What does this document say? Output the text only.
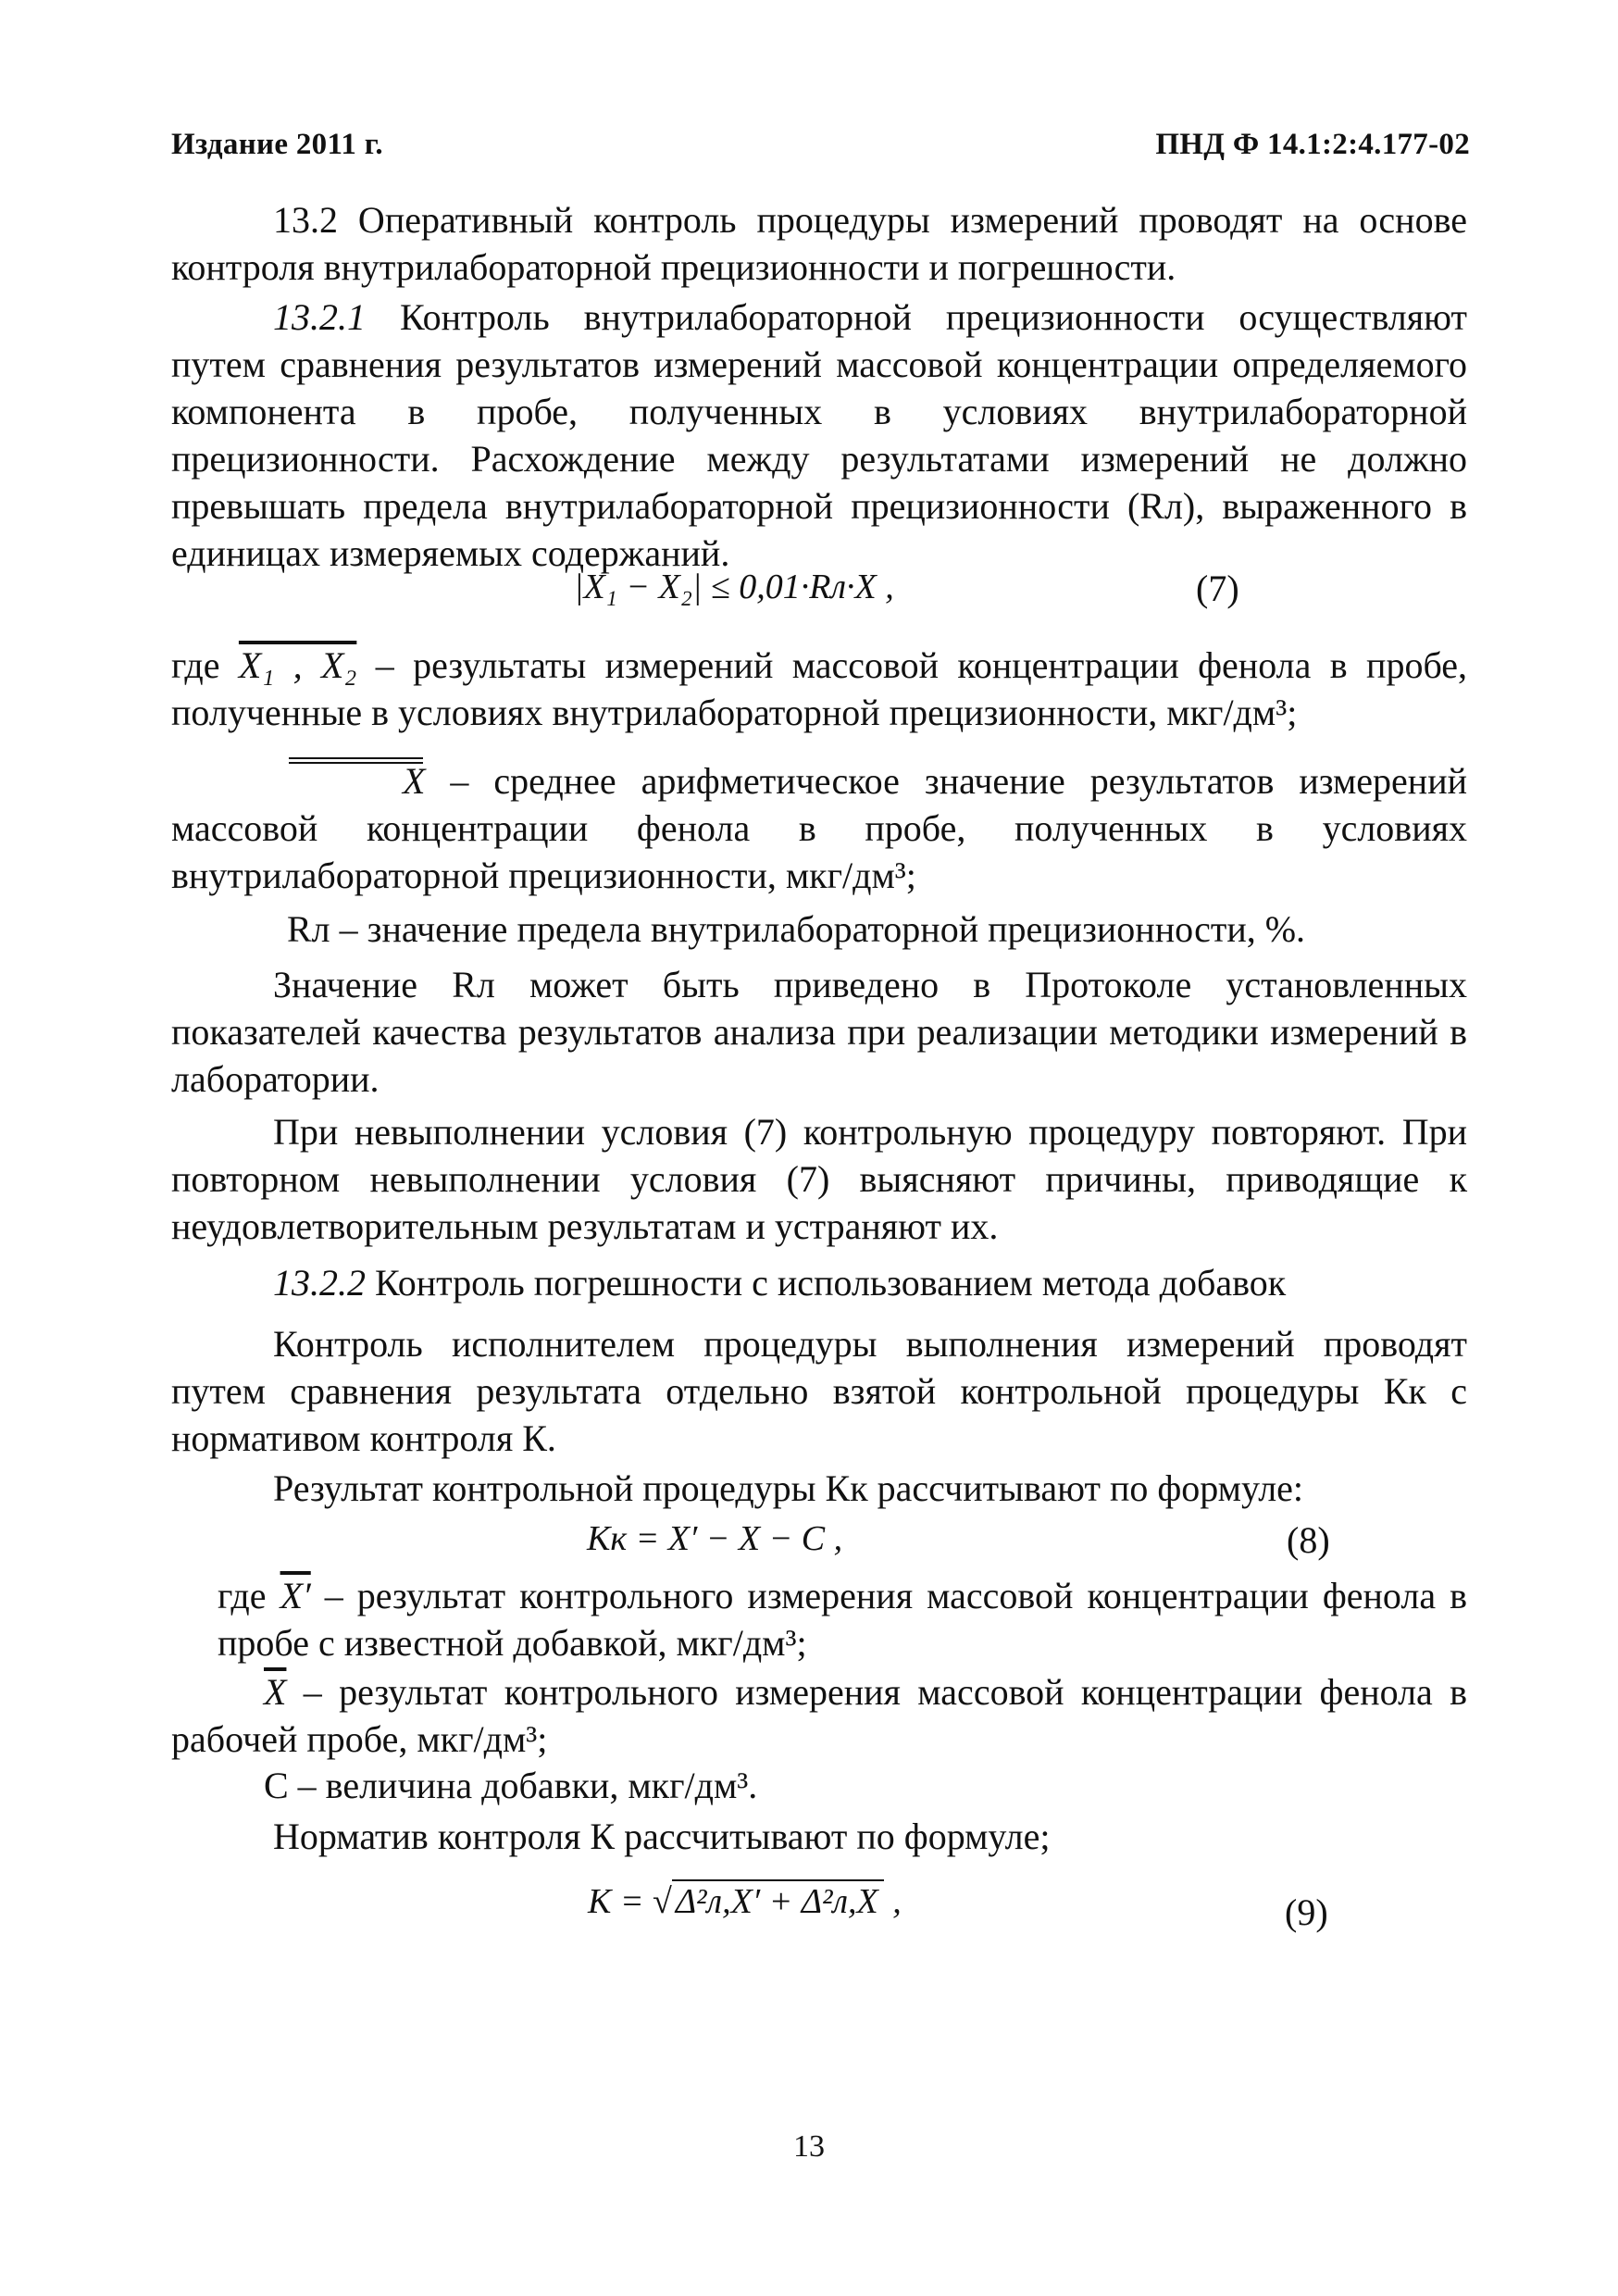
Издание 2011 г.	ПНД Ф 14.1:2:4.177-02

13.2 Оперативный контроль процедуры измерений проводят на основе контроля внутрилабораторной прецизионности и погрешности.

13.2.1 Контроль внутрилабораторной прецизионности осуществляют путем сравнения результатов измерений массовой концентрации определяемого компонента в пробе, полученных в условиях внутрилабораторной прецизионности. Расхождение между результатами измерений не должно превышать предела внутрилабораторной прецизионности (Rл), выраженного в единицах измеряемых содержаний.

|X₁ − X₂| ≤ 0,01·Rл·X ,	(7)

где X₁ , X₂ – результаты измерений массовой концентрации фенола в пробе, полученные в условиях внутрилабораторной прецизионности, мкг/дм³;

X – среднее арифметическое значение результатов измерений массовой концентрации фенола в пробе, полученных в условиях внутрилабораторной прецизионности, мкг/дм³;

Rл – значение предела внутрилабораторной прецизионности, %.

Значение Rл может быть приведено в Протоколе установленных показателей качества результатов анализа при реализации методики измерений в лаборатории.

При невыполнении условия (7) контрольную процедуру повторяют. При повторном невыполнении условия (7) выясняют причины, приводящие к неудовлетворительным результатам и устраняют их.

13.2.2 Контроль погрешности с использованием метода добавок

Контроль исполнителем процедуры выполнения измерений проводят путем сравнения результата отдельно взятой контрольной процедуры Кк с нормативом контроля К.

Результат контрольной процедуры Кк рассчитывают по формуле:

Kк = X′ − X − C ,	(8)

где X′ – результат контрольного измерения массовой концентрации фенола в пробе с известной добавкой, мкг/дм³;

$\overline{X}$ – результат контрольного измерения массовой концентрации фенола в рабочей пробе, мкг/дм³;

С – величина добавки, мкг/дм³.

Норматив контроля К рассчитывают по формуле;

K = √ Δ²л,X′ + Δ²л,X ,	(9)
13
